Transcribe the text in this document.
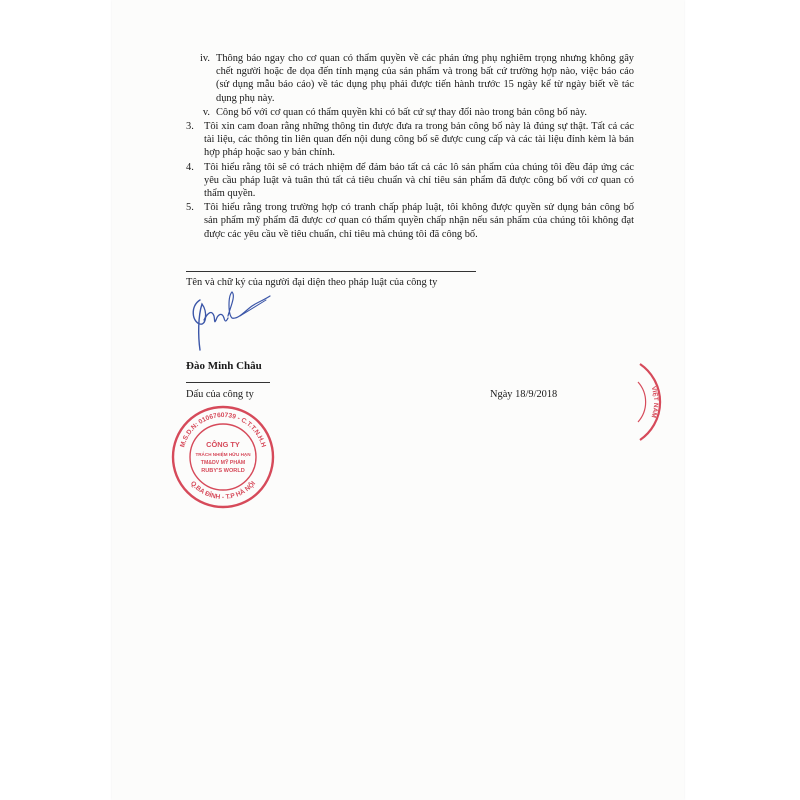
iv. Thông báo ngay cho cơ quan có thẩm quyền về các phản ứng phụ nghiêm trọng nhưng không gây chết người hoặc đe dọa đến tính mạng của sản phẩm và trong bất cứ trường hợp nào, việc báo cáo (sử dụng mẫu báo cáo) về tác dụng phụ phải được tiến hành trước 15 ngày kể từ ngày biết về tác dụng phụ này.
v. Công bố với cơ quan có thẩm quyền khi có bất cứ sự thay đổi nào trong bản công bố này.
3. Tôi xin cam đoan rằng những thông tin được đưa ra trong bản công bố này là đúng sự thật. Tất cả các tài liệu, các thông tin liên quan đến nội dung công bố sẽ được cung cấp và các tài liệu đính kèm là bản hợp pháp hoặc sao y bản chính.
4. Tôi hiểu rằng tôi sẽ có trách nhiệm để đảm bảo tất cả các lô sản phẩm của chúng tôi đều đáp ứng các yêu cầu pháp luật và tuân thủ tất cả tiêu chuẩn và chỉ tiêu sản phẩm đã được công bố với cơ quan có thẩm quyền.
5. Tôi hiểu rằng trong trường hợp có tranh chấp pháp luật, tôi không được quyền sử dụng bản công bố sản phẩm mỹ phẩm đã được cơ quan có thẩm quyền chấp nhận nếu sản phẩm của chúng tôi không đạt được các yêu cầu về tiêu chuẩn, chỉ tiêu mà chúng tôi đã công bố.
Tên và chữ ký của người đại diện theo pháp luật của công ty
Đào Minh Châu
Dấu của công ty	Ngày 18/9/2018
M.S.D.N: 0106760739 - C.T.T.N.H.H
Q.BA ĐÌNH - T.P HÀ NỘI
CÔNG TY
TRÁCH NHIỆM HỮU HẠN
TM&DV MỸ PHẨM
RUBY'S WORLD
VIỆT NAM
